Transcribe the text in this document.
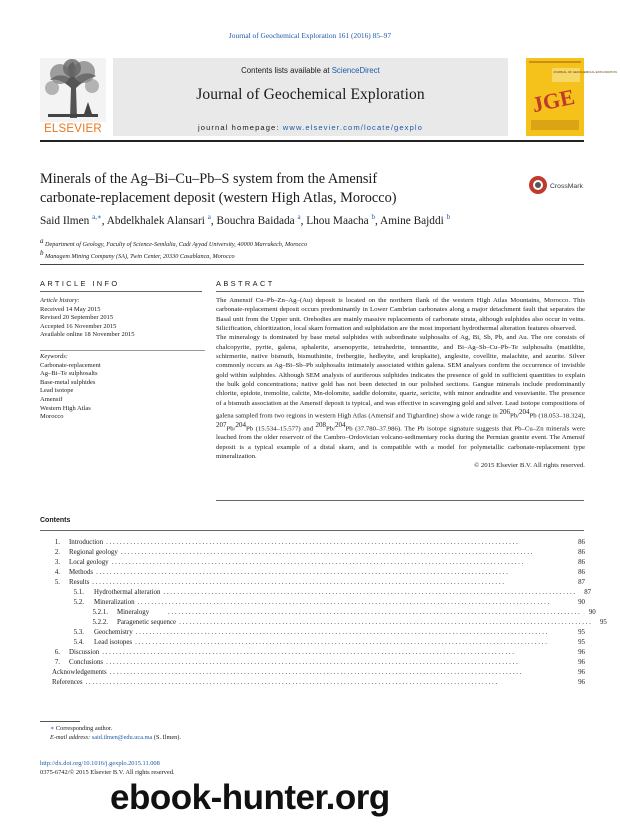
Journal of Geochemical Exploration 161 (2016) 85–97
ELSEVIER
Contents lists available at ScienceDirect
Journal of Geochemical Exploration
journal homepage: www.elsevier.com/locate/gexplo
JGE
JOURNAL OF GEOCHEMICAL EXPLORATION
Minerals of the Ag–Bi–Cu–Pb–S system from the Amensif
carbonate-replacement deposit (western High Atlas, Morocco)
CrossMark
Said Ilmen $^{a,∗}$, Abdelkhalek Alansari $^a$, Bouchra Baidada $^a$, Lhou Maacha $^b$, Amine Bajddi $^b$
$^a$ Department of Geology, Faculty of Science-Semlalia, Cadi Ayyad University, 40000 Marrakech, Morocco
$^b$ Managem Mining Company (SA), Twin Center, 20330 Casablanca, Morocco
ARTICLE INFO	ABSTRACT
Article history:
Received 14 May 2015
Revised 20 September 2015
Accepted 16 November 2015
Available online 18 November 2015
Keywords:
Carbonate-replacement
Ag–Bi–Te sulphosalts
Base-metal sulphides
Lead isotope
Amensif
Western High Atlas
Morocco

The Amensif Cu–Pb–Zn–Ag–(Au) deposit is located on the northern flank of the western High Atlas Mountains, Morocco. This carbonate-replacement deposit occurs predominantly in Lower Cambrian carbonates along a major detachment fault that separates the Basal unit from the Upper unit. Orebodies are mainly massive replacements of carbonate strata, although sulphides also occur in veins. Silicification, chloritization, local skarn formation and sulphidation are the most important hydrothermal alteration features observed.

The mineralogy is dominated by base metal sulphides with subordinate sulphosalts of Ag, Bi, Sb, Pb, and Au. The ore consists of chalcopyrite, pyrite, galena, sphalerite, arsenopyrite, tetrahedrite, tennantite, and Bi–Ag–Sb–Cu–Pb–Te sulphosalts (matildite, schirmerite, native bismuth, bismuthinite, freibergite, hedleyite, and krupkaite), anglesite, covellite, malachite, and azurite. Silver commonly occurs as Ag–Bi–Sb–Pb sulphosalts intimately associated within galena. SEM analyses confirm the occurrence of invisible gold within sulphides. Although SEM analysis of auriferous sulphides indicates the presence of gold in sufficient quantities to explain the bulk gold concentrations; native gold has not been detected in our polished sections. Gangue minerals include predominantly chlorite, epidote, tremolite, calcite, Mn-dolomite, saddle dolomite, quartz, sericite, with minor andradite and vesuvianite. The presence of a bismuth association at the Amensif deposit is typical, and was effective in scavenging gold and silver. Lead isotope compositions of galena sampled from two regions in western High Atlas (Amensif and Tighardine) show a wide range in $^{206}$Pb/$^{204}$Pb (18.053–18.324), $^{207}$Pb/$^{204}$Pb (15.534–15.577) and $^{208}$Pb/$^{204}$Pb (37.780–37.986). The Pb isotope signature suggests that Pb–Cu–Zn minerals were leached from the older reservoir of the Cambro–Ordovician volcano-sedimentary rocks during the Permian granite event. The Amensif deposit is a typical example of a distal skarn, and is compatible with a model for polymetallic carbonate-replacement type mineralization.

© 2015 Elsevier B.V. All rights reserved.

Contents
1. Introduction . . . . . . . . . . . . . . . . . . . . . . . . . . . . . . . . . . . . . . . . . . . . . . . . . . . . . . . . . . . . . . . . . . . . . . . . . . . . . . . . . . . . . . . . . . . . . . . . . . . . . . . . . . . . . . . . . . . . . . . .	86
2. Regional geology . . . . . . . . . . . . . . . . . . . . . . . . . . . . . . . . . . . . . . . . . . . . . . . . . . . . . . . . . . . . . . . . . . . . . . . . . . . . . . . . . . . . . . . . . . . . . . . . . . . . . . . . . . . . . . . . . . . . . . . .	86
3. Local geology . . . . . . . . . . . . . . . . . . . . . . . . . . . . . . . . . . . . . . . . . . . . . . . . . . . . . . . . . . . . . . . . . . . . . . . . . . . . . . . . . . . . . . . . . . . . . . . . . . . . . . . . . . . . . . . . . . . . . . . .	86
4. Methods . . . . . . . . . . . . . . . . . . . . . . . . . . . . . . . . . . . . . . . . . . . . . . . . . . . . . . . . . . . . . . . . . . . . . . . . . . . . . . . . . . . . . . . . . . . . . . . . . . . . . . . . . . . . . . . . . . . . . . . .	86
5. Results . . . . . . . . . . . . . . . . . . . . . . . . . . . . . . . . . . . . . . . . . . . . . . . . . . . . . . . . . . . . . . . . . . . . . . . . . . . . . . . . . . . . . . . . . . . . . . . . . . . . . . . . . . . . . . . . . . . . . . . .	87
5.1. Hydrothermal alteration . . . . . . . . . . . . . . . . . . . . . . . . . . . . . . . . . . . . . . . . . . . . . . . . . . . . . . . . . . . . . . . . . . . . . . . . . . . . . . . . . . . . . . . . . . . . . . . . . . . . . . . . . . . . . . . . . . . . . . . .	87
5.2. Mineralization . . . . . . . . . . . . . . . . . . . . . . . . . . . . . . . . . . . . . . . . . . . . . . . . . . . . . . . . . . . . . . . . . . . . . . . . . . . . . . . . . . . . . . . . . . . . . . . . . . . . . . . . . . . . . . . . . . . . . . . .	90
5.2.1. Mineralogy	. . . . . . . . . . . . . . . . . . . . . . . . . . . . . . . . . . . . . . . . . . . . . . . . . . . . . . . . . . . . . . . . . . . . . . . . . . . . . . . . . . . . . . . . . . . . . . . . . . . . . . . . . . . . . . . . . . . . . . . .	90
5.2.2. Paragenetic sequence . . . . . . . . . . . . . . . . . . . . . . . . . . . . . . . . . . . . . . . . . . . . . . . . . . . . . . . . . . . . . . . . . . . . . . . . . . . . . . . . . . . . . . . . . . . . . . . . . . . . . . . . . . . . . . . . . . . . . . . .	95
5.3. Geochemistry . . . . . . . . . . . . . . . . . . . . . . . . . . . . . . . . . . . . . . . . . . . . . . . . . . . . . . . . . . . . . . . . . . . . . . . . . . . . . . . . . . . . . . . . . . . . . . . . . . . . . . . . . . . . . . . . . . . . . . . .	95
5.4. Lead isotopes . . . . . . . . . . . . . . . . . . . . . . . . . . . . . . . . . . . . . . . . . . . . . . . . . . . . . . . . . . . . . . . . . . . . . . . . . . . . . . . . . . . . . . . . . . . . . . . . . . . . . . . . . . . . . . . . . . . . . . . .	95
6. Discussion . . . . . . . . . . . . . . . . . . . . . . . . . . . . . . . . . . . . . . . . . . . . . . . . . . . . . . . . . . . . . . . . . . . . . . . . . . . . . . . . . . . . . . . . . . . . . . . . . . . . . . . . . . . . . . . . . . . . . . . .	96
7. Conclusions . . . . . . . . . . . . . . . . . . . . . . . . . . . . . . . . . . . . . . . . . . . . . . . . . . . . . . . . . . . . . . . . . . . . . . . . . . . . . . . . . . . . . . . . . . . . . . . . . . . . . . . . . . . . . . . . . . . . . . . .	96
Acknowledgements . . . . . . . . . . . . . . . . . . . . . . . . . . . . . . . . . . . . . . . . . . . . . . . . . . . . . . . . . . . . . . . . . . . . . . . . . . . . . . . . . . . . . . . . . . . . . . . . . . . . . . . . . . . . . . . . . . . . . . . .	96
References . . . . . . . . . . . . . . . . . . . . . . . . . . . . . . . . . . . . . . . . . . . . . . . . . . . . . . . . . . . . . . . . . . . . . . . . . . . . . . . . . . . . . . . . . . . . . . . . . . . . . . . . . . . . . . . . . . . . . . . .	96
∗ Corresponding author.
E-mail address: said.ilmen@edu.uca.ma (S. Ilmen).
http://dx.doi.org/10.1016/j.gexplo.2015.11.008
0375-6742/© 2015 Elsevier B.V. All rights reserved.
ebook-hunter.org
